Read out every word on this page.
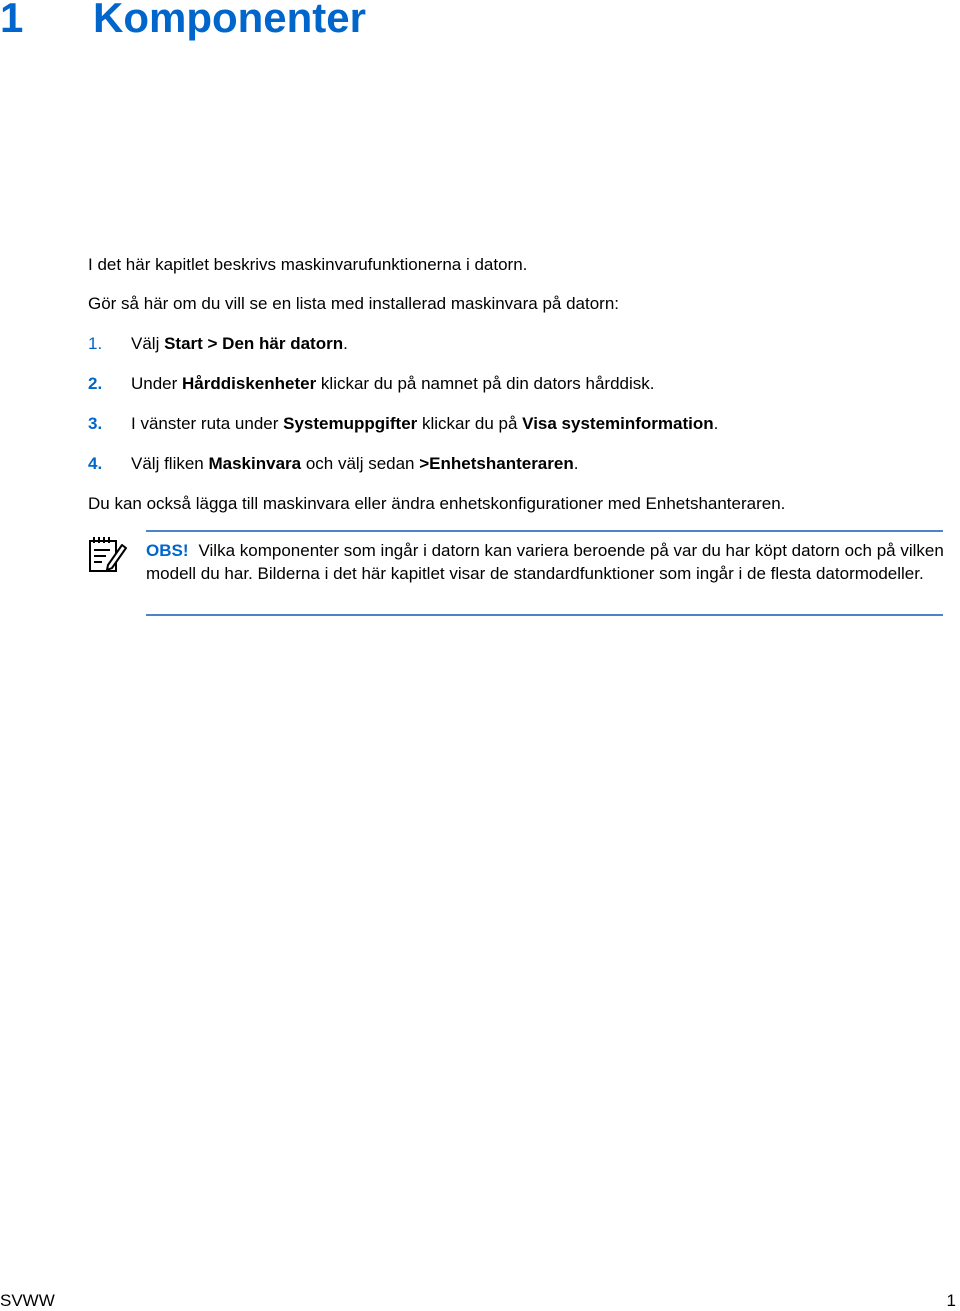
1 Komponenter

I det här kapitlet beskrivs maskinvarufunktionerna i datorn.

Gör så här om du vill se en lista med installerad maskinvara på datorn:

1. Välj Start > Den här datorn.

2. Under Hårddiskenheter klickar du på namnet på din dators hårddisk.

3. I vänster ruta under Systemuppgifter klickar du på Visa systeminformation.

4. Välj fliken Maskinvara och välj sedan >Enhetshanteraren.

Du kan också lägga till maskinvara eller ändra enhetskonfigurationer med Enhetshanteraren.

OBS! Vilka komponenter som ingår i datorn kan variera beroende på var du har köpt datorn och på vilken modell du har. Bilderna i det här kapitlet visar de standardfunktioner som ingår i de flesta datormodeller.

SVWW	1
